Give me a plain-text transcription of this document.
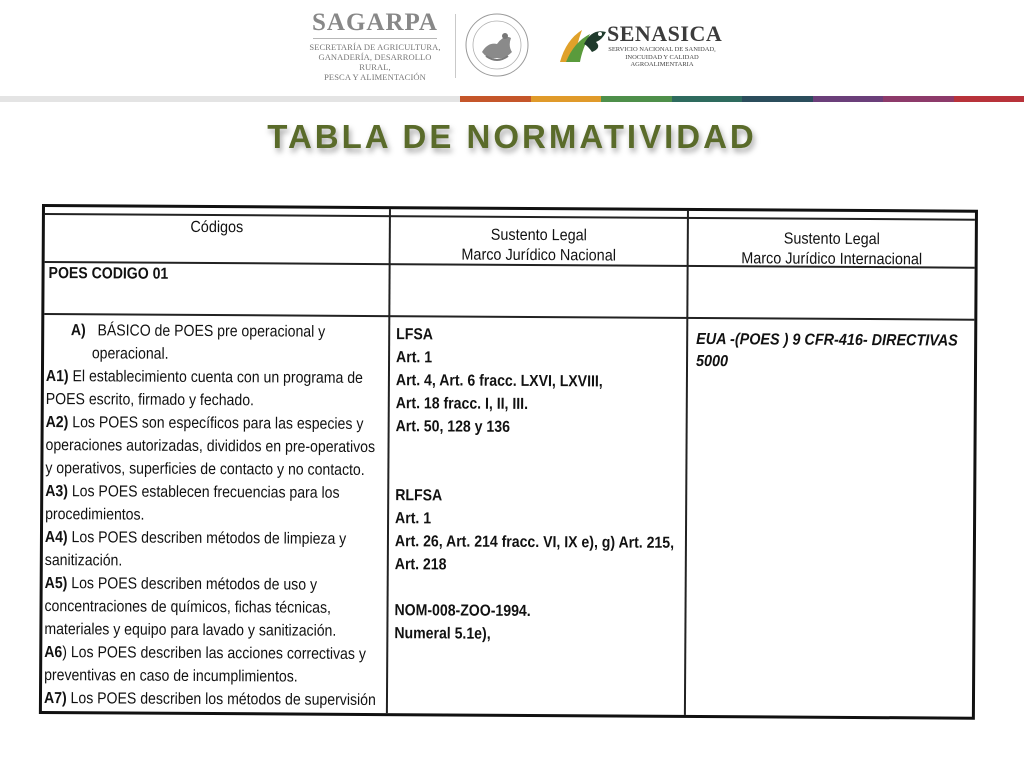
SAGARPA
SECRETARÍA DE AGRICULTURA,
GANADERÍA, DESARROLLO RURAL,
PESCA Y ALIMENTACIÓN
SENASICA
SERVICIO NACIONAL DE SANIDAD,
INOCUIDAD Y CALIDAD
AGROALIMENTARIA
TABLA DE NORMATIVIDAD
Códigos	Sustento Legal
Marco Jurídico Nacional
Sustento Legal
Marco Jurídico Internacional
POES CODIGO 01

A) BÁSICO de POES pre operacional y

operacional.

A1) El establecimiento cuenta con un programa de

POES escrito, firmado y fechado.

A2) Los POES son específicos para las especies y

operaciones autorizadas, divididos en pre-operativos

y operativos, superficies de contacto y no contacto.

A3) Los POES establecen frecuencias para los

procedimientos.

A4) Los POES describen métodos de limpieza y

sanitización.

A5) Los POES describen métodos de uso y

concentraciones de químicos, fichas técnicas,

materiales y equipo para lavado y sanitización.

A6) Los POES describen las acciones correctivas y

preventivas en caso de incumplimientos.

A7) Los POES describen los métodos de supervisión

LFSA

Art. 1

Art. 4, Art. 6 fracc. LXVI, LXVIII,

Art. 18 fracc. I, II, III.

Art. 50, 128 y 136

RLFSA

Art. 1

Art. 26, Art. 214 fracc. VI, IX e), g) Art. 215,

Art. 218

NOM-008-ZOO-1994.

Numeral 5.1e),

EUA -(POES ) 9 CFR-416- DIRECTIVAS
5000
